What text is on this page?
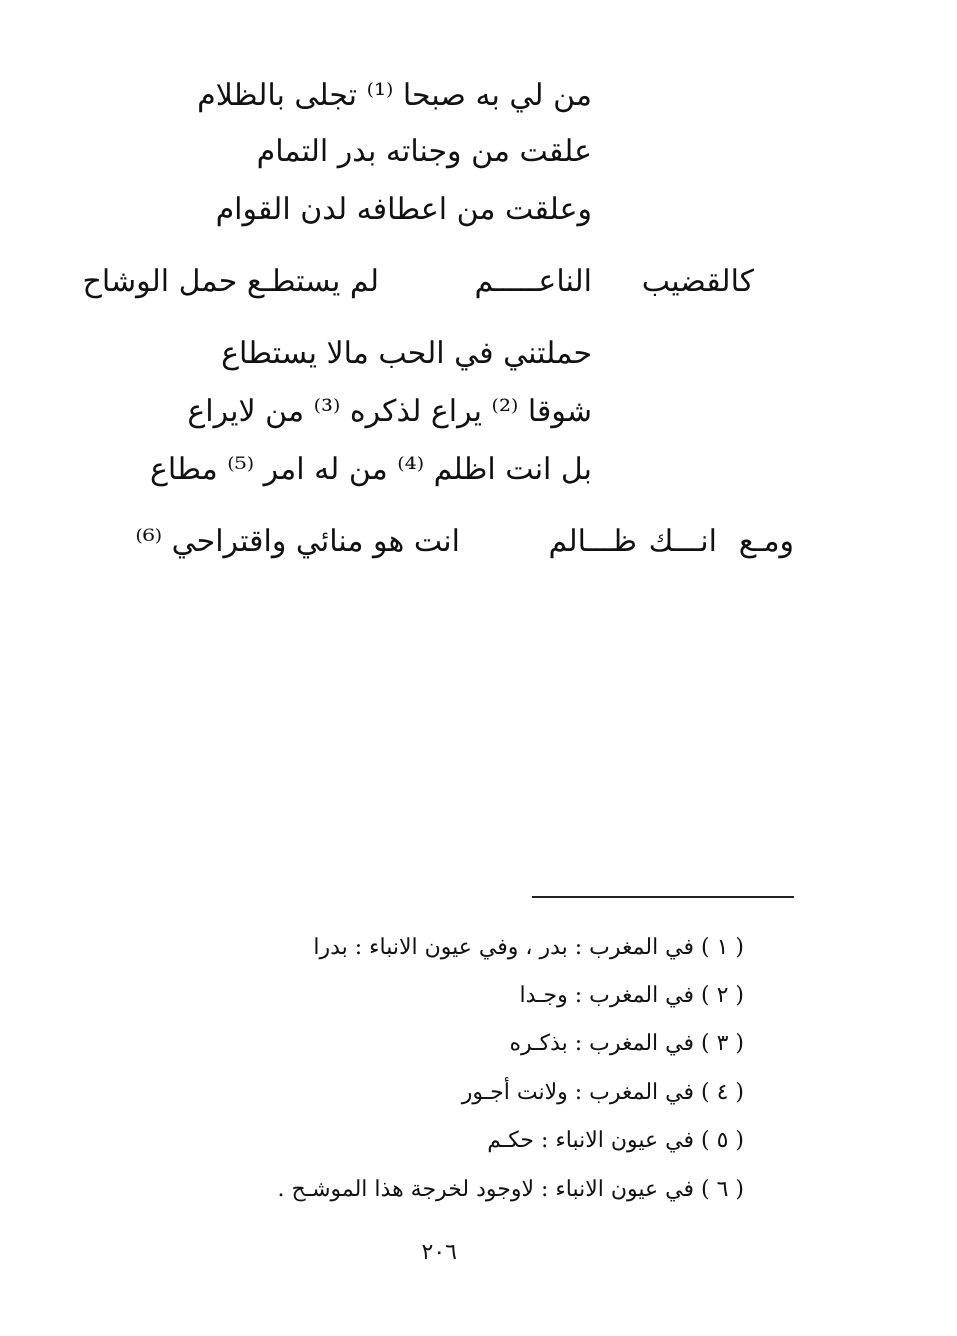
من لي به صبحا ⁽¹⁾ تجلى بالظلام
علقت من وجناته بدر التمام
وعلقت من اعطافه لدن القوام
كالقضيب
الناعـــــم
لم يستطـع حمل الوشاح
حملتني في الحب مالا يستطاع
شوقا ⁽²⁾ يراع لذكره ⁽³⁾ من لايراع
بل انت اظلم ⁽⁴⁾ من له امر ⁽⁵⁾ مطاع
ومـع
انـــك
ظـــالم
انت هو منائي واقتراحي ⁽⁶⁾
( ١ ) في المغرب : بدر ، وفي عيون الانباء : بدرا
( ٢ ) في المغرب : وجـدا
( ٣ ) في المغرب : بذكـره
( ٤ ) في المغرب : ولانت أجـور
( ٥ ) في عيون الانباء : حكـم
( ٦ ) في عيون الانباء : لاوجود لخرجة هذا الموشـح .
٢٠٦
